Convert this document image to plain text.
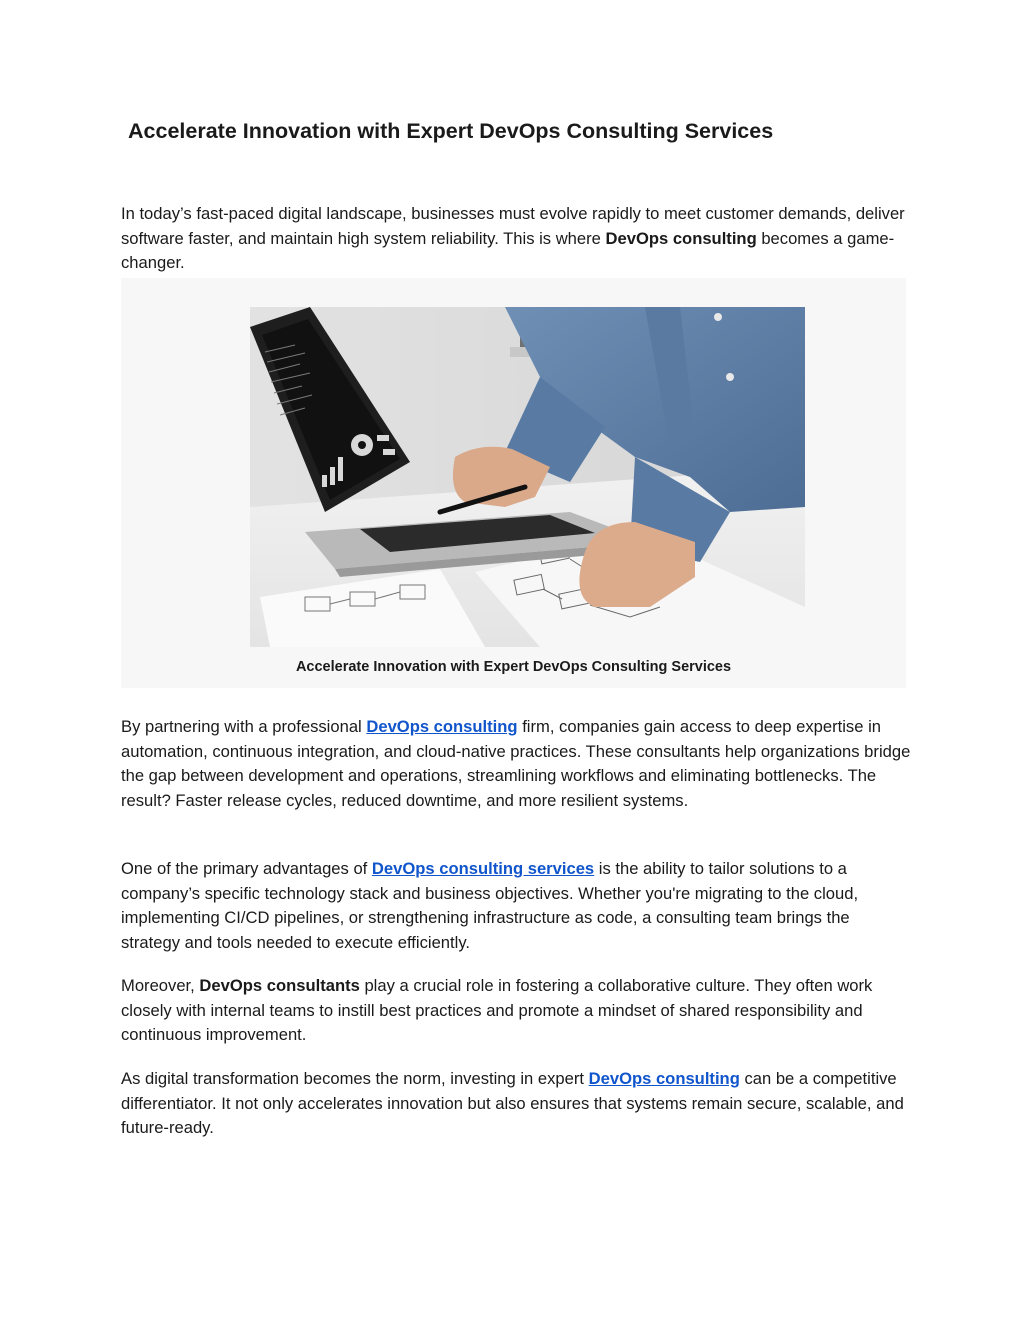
Accelerate Innovation with Expert DevOps Consulting Services

In today’s fast-paced digital landscape, businesses must evolve rapidly to meet customer demands, deliver software faster, and maintain high system reliability. This is where DevOps consulting becomes a game-changer.

Accelerate Innovation with Expert DevOps Consulting Services

By partnering with a professional DevOps consulting firm, companies gain access to deep expertise in automation, continuous integration, and cloud-native practices. These consultants help organizations bridge the gap between development and operations, streamlining workflows and eliminating bottlenecks. The result? Faster release cycles, reduced downtime, and more resilient systems.

One of the primary advantages of DevOps consulting services is the ability to tailor solutions to a company’s specific technology stack and business objectives. Whether you're migrating to the cloud, implementing CI/CD pipelines, or strengthening infrastructure as code, a consulting team brings the strategy and tools needed to execute efficiently.

Moreover, DevOps consultants play a crucial role in fostering a collaborative culture. They often work closely with internal teams to instill best practices and promote a mindset of shared responsibility and continuous improvement.

As digital transformation becomes the norm, investing in expert DevOps consulting can be a competitive differentiator. It not only accelerates innovation but also ensures that systems remain secure, scalable, and future-ready.
